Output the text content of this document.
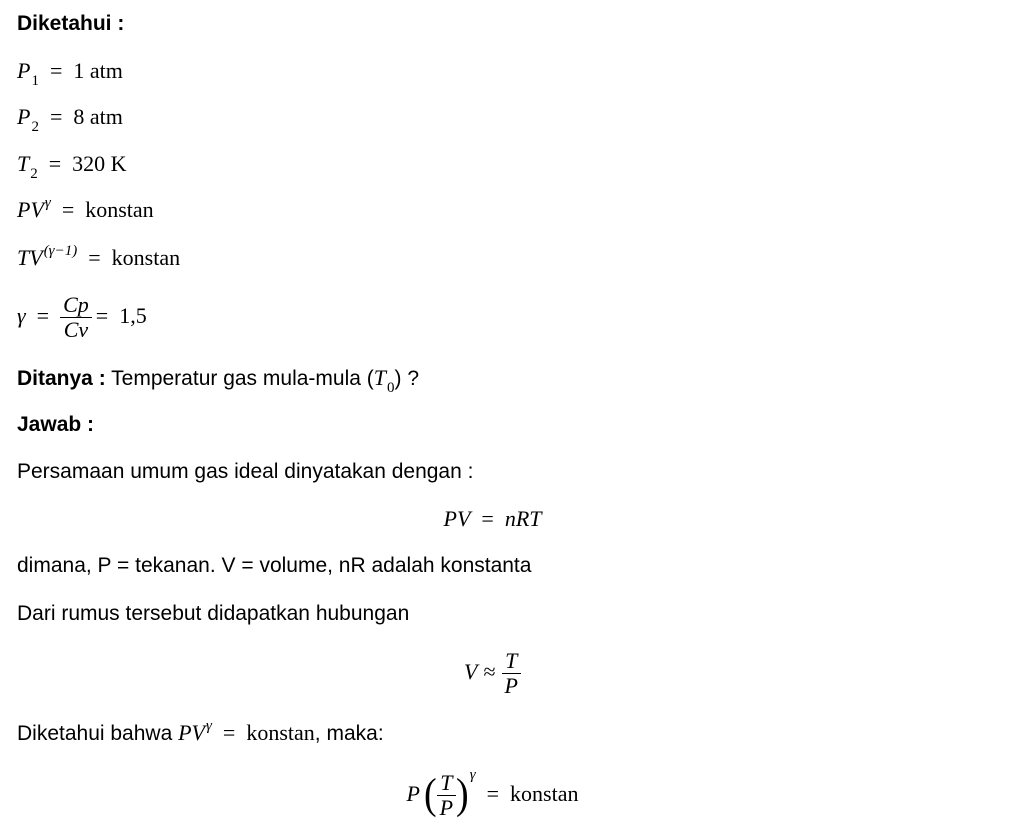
Diketahui :
$P_1 = 1$ atm
$P_2 = 8$ atm
$T_2 = 320$ K
$PV^\gamma$ = konstan
$TV^{(\gamma-1)}$ = konstan
$\gamma = \frac{Cp}{Cv} = 1,5$
Ditanya : Temperatur gas mula-mula $(T_0)$ ?
Jawab :
Persamaan umum gas ideal dinyatakan dengan :
PV = nRT
dimana, P = tekanan. V = volume, nR adalah konstanta
Dari rumus tersebut didapatkan hubungan
$V \approx \frac{T}{P}$
Diketahui bahwa $PV^\gamma$ = konstan, maka:
P ( $\frac{T}{P} )^\gamma=$ konstan
